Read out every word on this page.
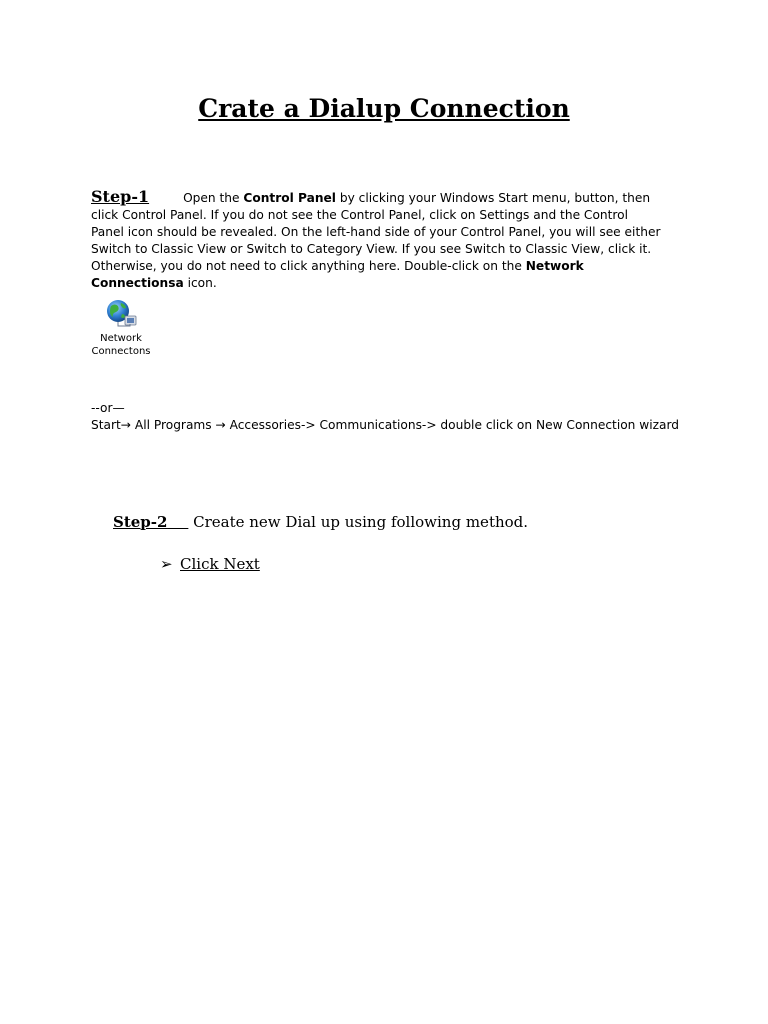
Crate a Dialup Connection
Step-1	Open the Control Panel by clicking your Windows Start menu, button, then click Control Panel. If you do not see the Control Panel, click on Settings and the Control Panel icon should be revealed. On the left-hand side of your Control Panel, you will see either Switch to Classic View or Switch to Category View. If you see Switch to Classic View, click it. Otherwise, you do not need to click anything here. Double-click on the Network Connectionsa icon.
Network
Connectons
--or—
Start→ All Programs → Accessories-> Communications-> double click on New Connection wizard
Step-2     Create new Dial up using following method.
➢ Click Next
